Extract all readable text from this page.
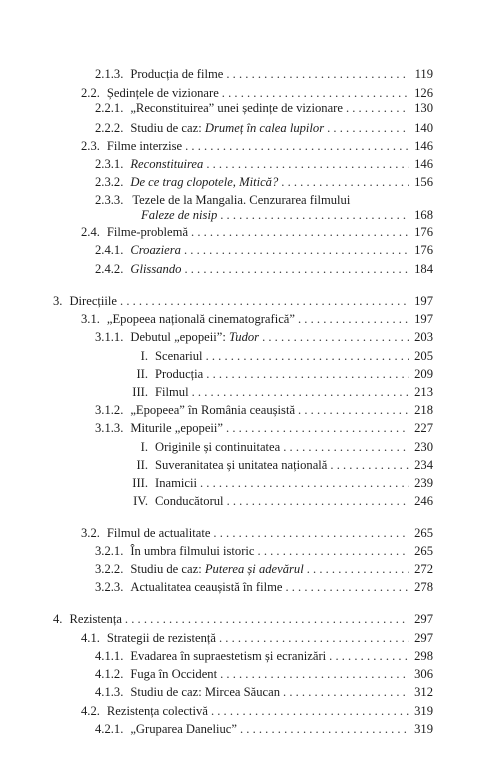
2.1.3. Producția de filme . . .	119
2.2. Ședințele de vizionare . . .	126
2.2.1. „Reconstituirea” unei ședințe de vizionare . . .	130
2.2.2. Studiu de caz: Drumeț în calea lupilor . . .	140
2.3. Filme interzise . . .	146
2.3.1. Reconstituirea . . .	146
2.3.2. De ce trag clopotele, Mitică? . . .	156
2.3.3. Tezele de la Mangalia. Cenzurarea filmului
Faleze de nisip . . .	168
2.4. Filme-problemă . . .	176
2.4.1. Croaziera . . .	176
2.4.2. Glissando . . .	184
3. Direcțiile . . .	197
3.1. „Epopeea națională cinematografică” . . .	197
3.1.1. Debutul „epopeii”: Tudor . . .	203
I. Scenariul . . .	205
II. Producția . . .	209
III. Filmul . . .	213
3.1.2. „Epopeea” în România ceaușistă . . .	218
3.1.3. Miturile „epopeii” . . .	227
I. Originile și continuitatea . . .	230
II. Suveranitatea și unitatea națională . . .	234
III. Inamicii . . .	239
IV. Conducătorul . . .	246
3.2. Filmul de actualitate . . .	265
3.2.1. În umbra filmului istoric . . .	265
3.2.2. Studiu de caz: Puterea și adevărul . . .	272
3.2.3. Actualitatea ceaușistă în filme . . .	278
4. Rezistența . . .	297
4.1. Strategii de rezistență . . .	297
4.1.1. Evadarea în supraestetism și ecranizări . . .	298
4.1.2. Fuga în Occident . . .	306
4.1.3. Studiu de caz: Mircea Săucan . . .	312
4.2. Rezistența colectivă . . .	319
4.2.1. „Gruparea Daneliuc” . . .	319
